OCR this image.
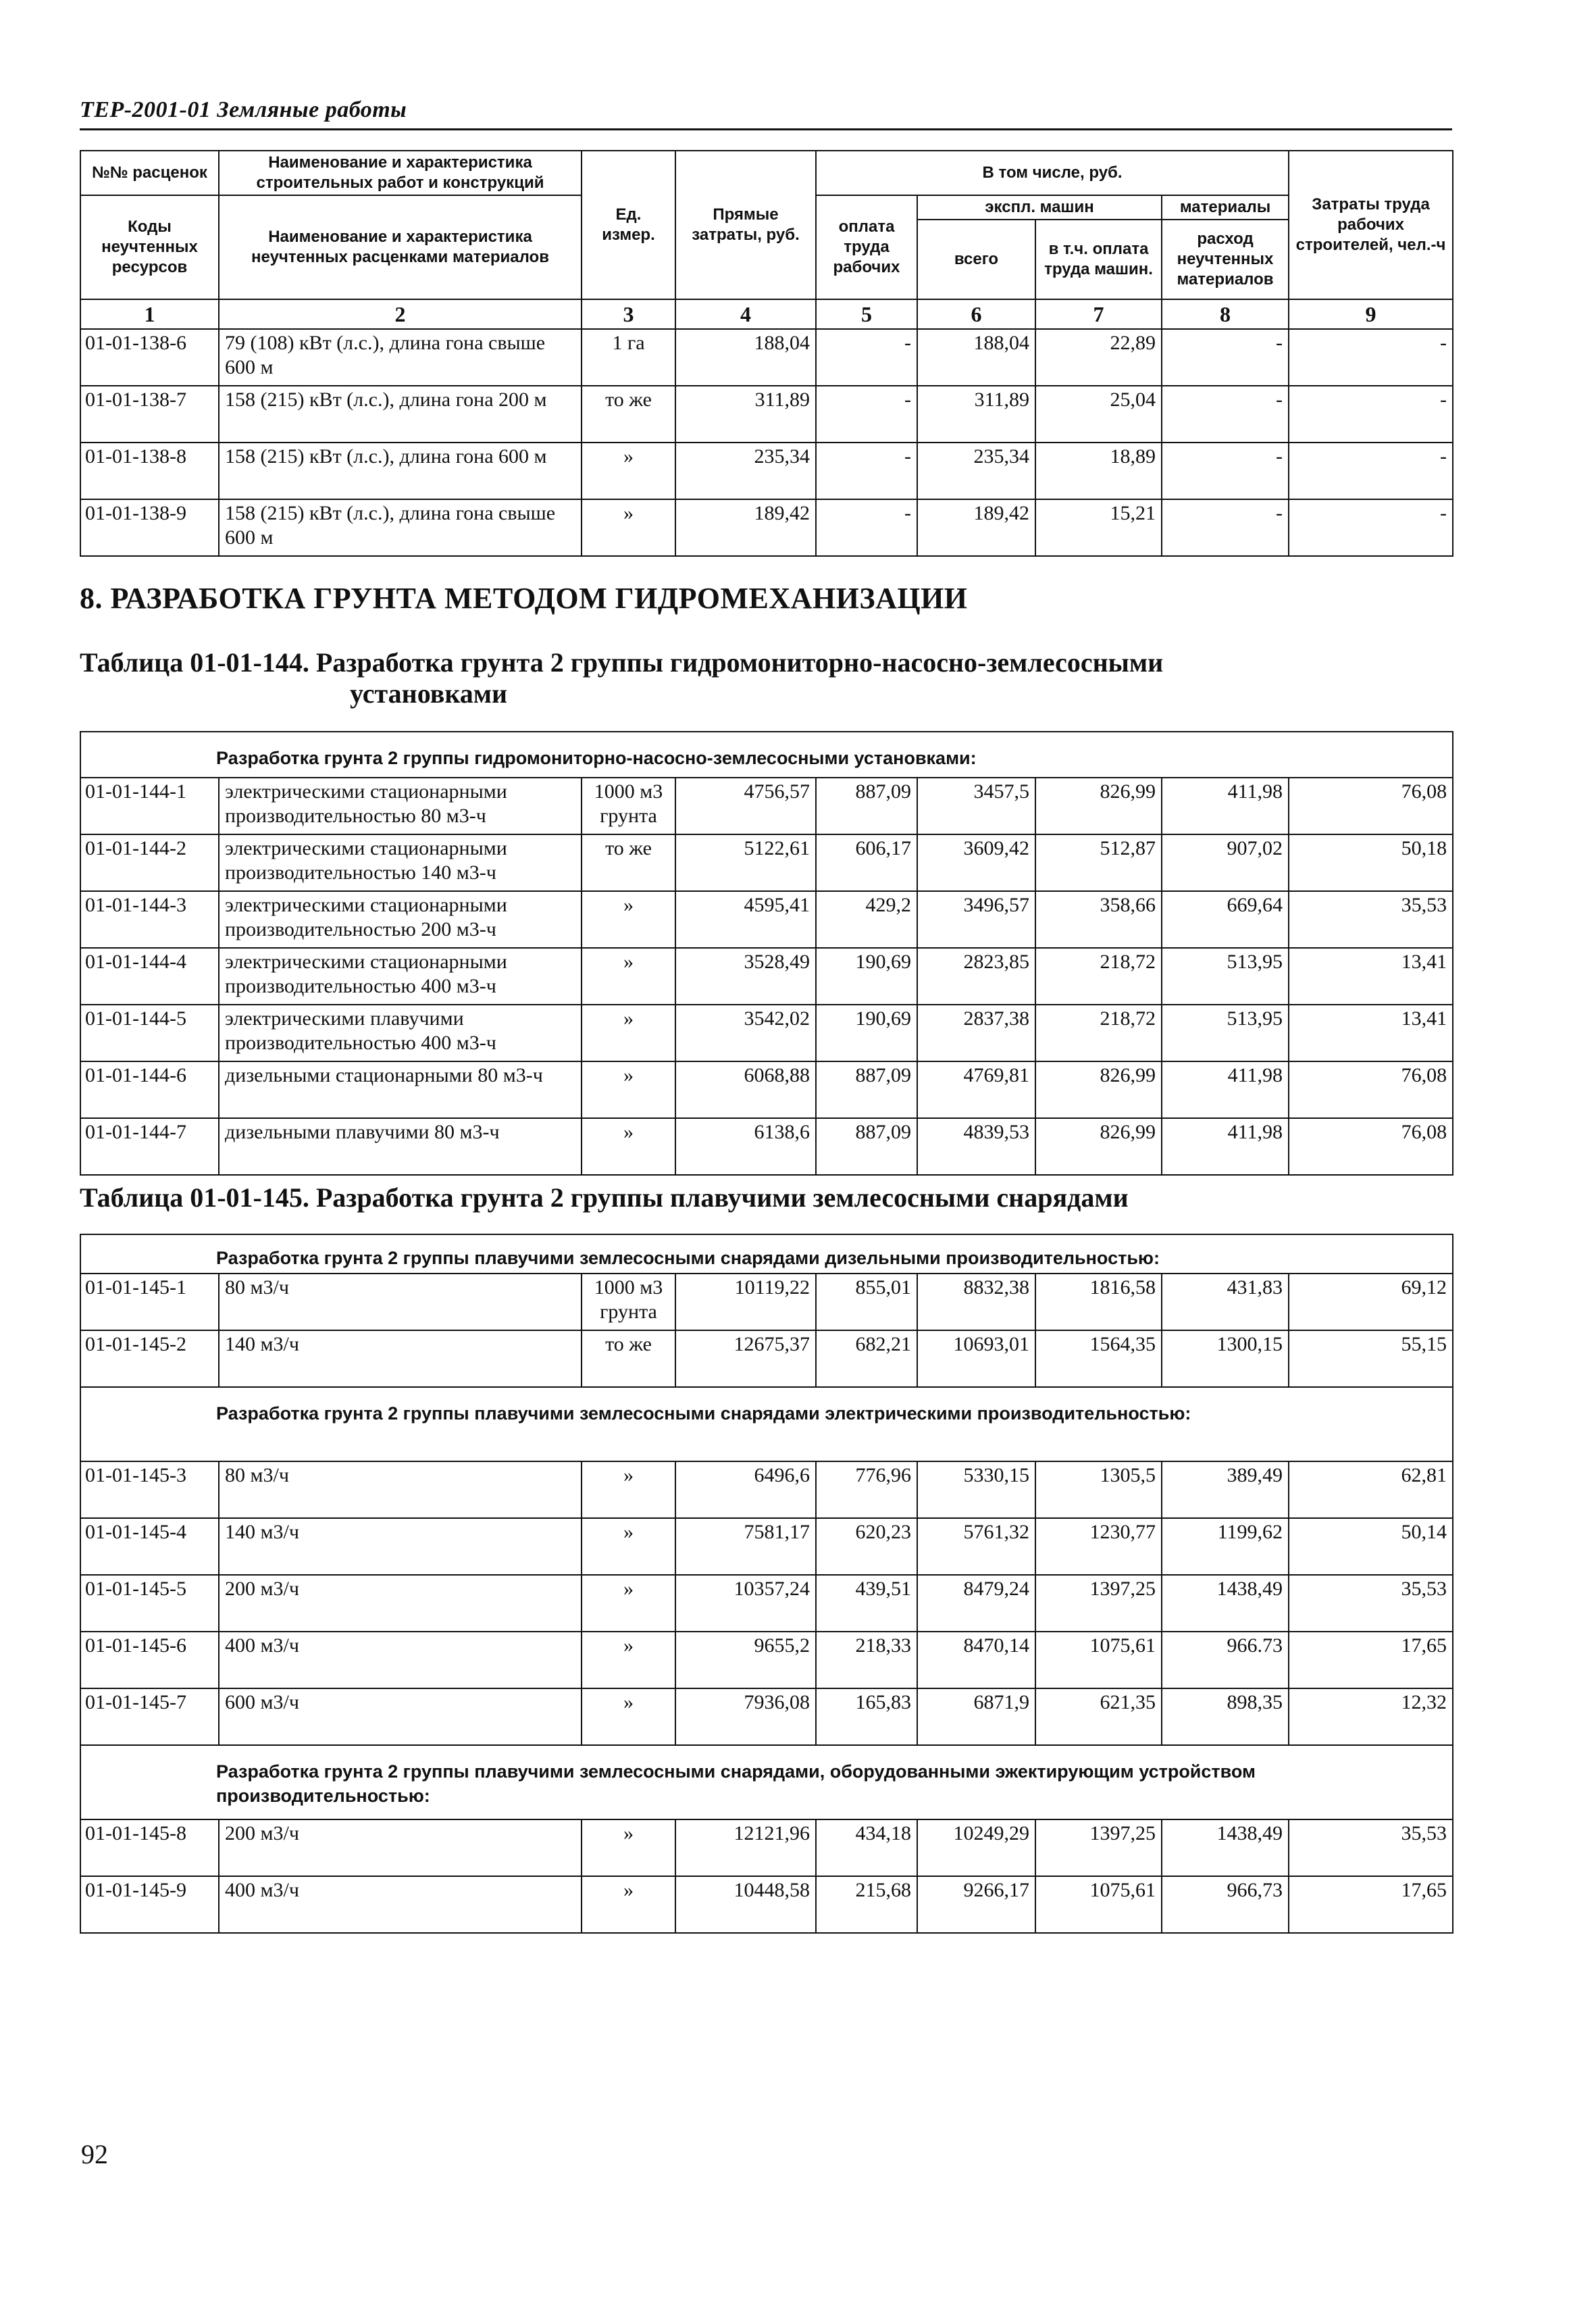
ТЕР-2001-01 Земляные работы
№№ расценок	Наименование и характеристика строительных работ и конструкций	Ед. измер.	Прямые затраты, руб.	В том числе, руб.				Затраты труда рабочих строителей, чел.-ч
Коды неучтенных ресурсов	Наименование и характеристика неучтенных расценками материалов			оплата труда рабочих	экспл. машин		материалы	
					всего	в т.ч. оплата труда машин.	расход неучтенных материалов	
1	2	3	4	5	6	7	8	9
01-01-138-6	79 (108) кВт (л.с.), длина гона свыше 600 м	1 га	188,04	-	188,04	22,89	-	-
01-01-138-7	158 (215) кВт (л.с.), длина гона 200 м	то же	311,89	-	311,89	25,04	-	-
01-01-138-8	158 (215) кВт (л.с.), длина гона 600 м	»	235,34	-	235,34	18,89	-	-
01-01-138-9	158 (215) кВт (л.с.), длина гона свыше 600 м	»	189,42	-	189,42	15,21	-	-
8. РАЗРАБОТКА ГРУНТА МЕТОДОМ ГИДРОМЕХАНИЗАЦИИ
Таблица 01-01-144. Разработка грунта 2 группы гидромониторно-насосно-землесосными
установками
Разработка грунта 2 группы гидромониторно-насосно-землесосными установками:								
01-01-144-1	электрическими стационарными производительностью 80 м3-ч	1000 м3 грунта	4756,57	887,09	3457,5	826,99	411,98	76,08
01-01-144-2	электрическими стационарными производительностью 140 м3-ч	то же	5122,61	606,17	3609,42	512,87	907,02	50,18
01-01-144-3	электрическими стационарными производительностью 200 м3-ч	»	4595,41	429,2	3496,57	358,66	669,64	35,53
01-01-144-4	электрическими стационарными производительностью 400 м3-ч	»	3528,49	190,69	2823,85	218,72	513,95	13,41
01-01-144-5	электрическими плавучими производительностью 400 м3-ч	»	3542,02	190,69	2837,38	218,72	513,95	13,41
01-01-144-6	дизельными стационарными 80 м3-ч	»	6068,88	887,09	4769,81	826,99	411,98	76,08
01-01-144-7	дизельными плавучими 80 м3-ч	»	6138,6	887,09	4839,53	826,99	411,98	76,08
Таблица 01-01-145. Разработка грунта 2 группы плавучими землесосными снарядами
Разработка грунта 2 группы плавучими землесосными снарядами дизельными производительностью:								
01-01-145-1	80 м3/ч	1000 м3 грунта	10119,22	855,01	8832,38	1816,58	431,83	69,12
01-01-145-2	140 м3/ч	то же	12675,37	682,21	10693,01	1564,35	1300,15	55,15
Разработка грунта 2 группы плавучими землесосными снарядами электрическими производительностью:								
01-01-145-3	80 м3/ч	»	6496,6	776,96	5330,15	1305,5	389,49	62,81
01-01-145-4	140 м3/ч	»	7581,17	620,23	5761,32	1230,77	1199,62	50,14
01-01-145-5	200 м3/ч	»	10357,24	439,51	8479,24	1397,25	1438,49	35,53
01-01-145-6	400 м3/ч	»	9655,2	218,33	8470,14	1075,61	966.73	17,65
01-01-145-7	600 м3/ч	»	7936,08	165,83	6871,9	621,35	898,35	12,32
Разработка грунта 2 группы плавучими землесосными снарядами, оборудованными эжектирующим устройством производительностью:								
01-01-145-8	200 м3/ч	»	12121,96	434,18	10249,29	1397,25	1438,49	35,53
01-01-145-9	400 м3/ч	»	10448,58	215,68	9266,17	1075,61	966,73	17,65
92
